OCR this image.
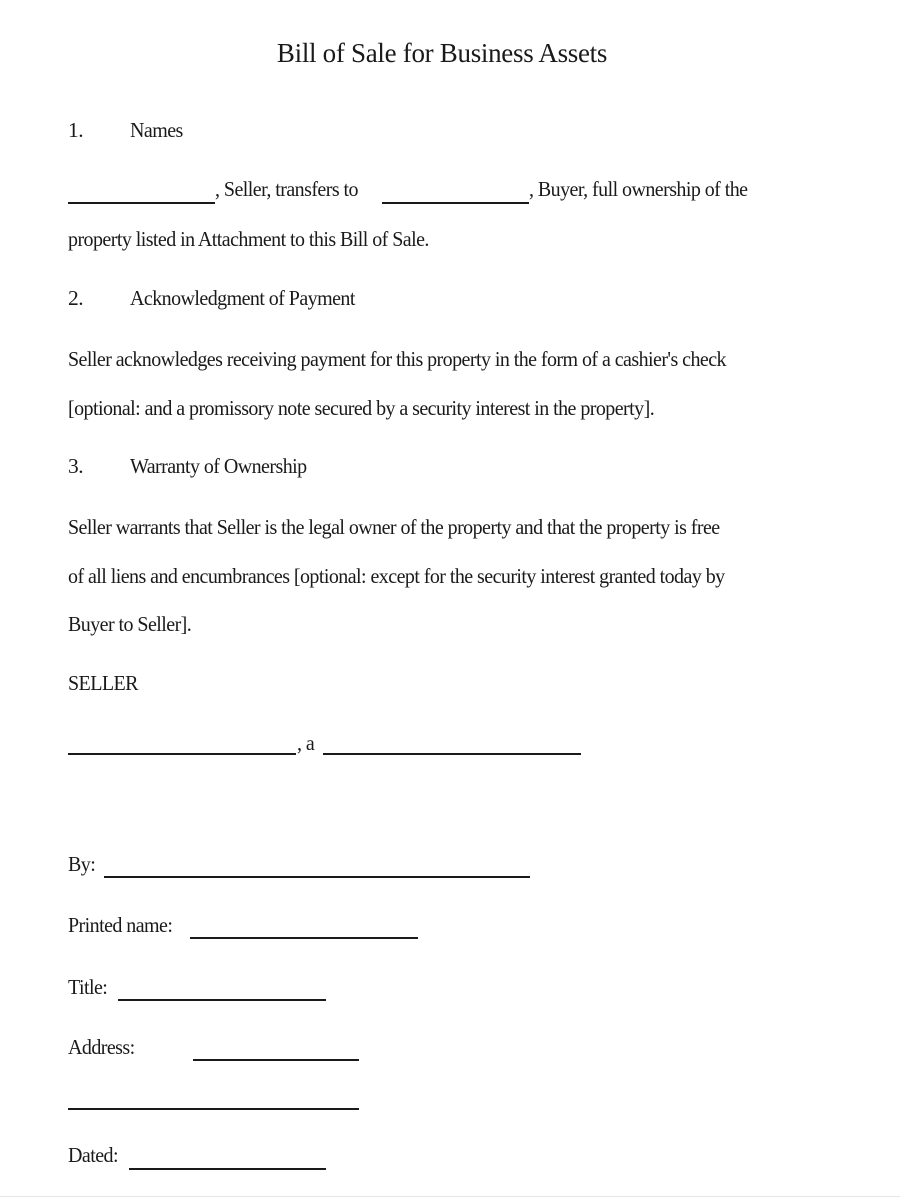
Bill of Sale for Business Assets
1. Names
, Seller, transfers to	, Buyer, full ownership of the
property listed in Attachment to this Bill of Sale.
2. Acknowledgment of Payment
Seller acknowledges receiving payment for this property in the form of a cashier's check
[optional: and a promissory note secured by a security interest in the property].
3. Warranty of Ownership
Seller warrants that Seller is the legal owner of the property and that the property is free
of all liens and encumbrances [optional: except for the security interest granted today by
Buyer to Seller].
SELLER
, a
By:
Printed name:
Title:
Address:
Dated:
